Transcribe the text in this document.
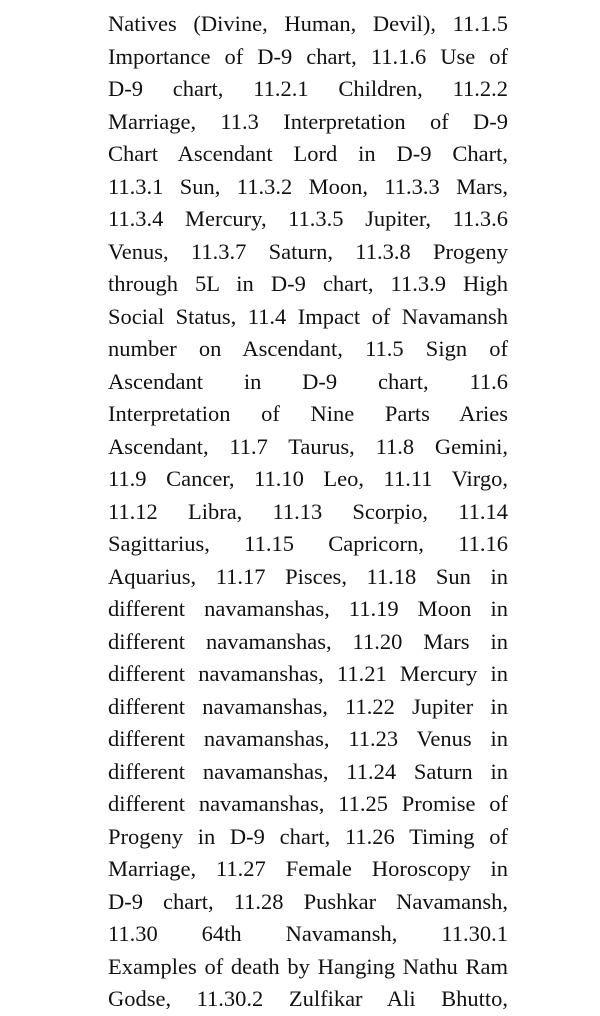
Natives (Divine, Human, Devil), 11.1.5
Importance of D-9 chart, 11.1.6 Use of
D-9 chart, 11.2.1 Children, 11.2.2
Marriage, 11.3 Interpretation of D-9
Chart Ascendant Lord in D-9 Chart,
11.3.1 Sun, 11.3.2 Moon, 11.3.3 Mars,
11.3.4 Mercury, 11.3.5 Jupiter, 11.3.6
Venus, 11.3.7 Saturn, 11.3.8 Progeny
through 5L in D-9 chart, 11.3.9 High
Social Status, 11.4 Impact of Navamansh
number on Ascendant, 11.5 Sign of
Ascendant in D-9 chart, 11.6
Interpretation of Nine Parts Aries
Ascendant, 11.7 Taurus, 11.8 Gemini,
11.9 Cancer, 11.10 Leo, 11.11 Virgo,
11.12 Libra, 11.13 Scorpio, 11.14
Sagittarius, 11.15 Capricorn, 11.16
Aquarius, 11.17 Pisces, 11.18 Sun in
different navamanshas, 11.19 Moon in
different navamanshas, 11.20 Mars in
different navamanshas, 11.21 Mercury in
different navamanshas, 11.22 Jupiter in
different navamanshas, 11.23 Venus in
different navamanshas, 11.24 Saturn in
different navamanshas, 11.25 Promise of
Progeny in D-9 chart, 11.26 Timing of
Marriage, 11.27 Female Horoscopy in
D-9 chart, 11.28 Pushkar Navamansh,
11.30 64th Navamansh, 11.30.1
Examples of death by Hanging Nathu Ram
Godse, 11.30.2 Zulfikar Ali Bhutto,
